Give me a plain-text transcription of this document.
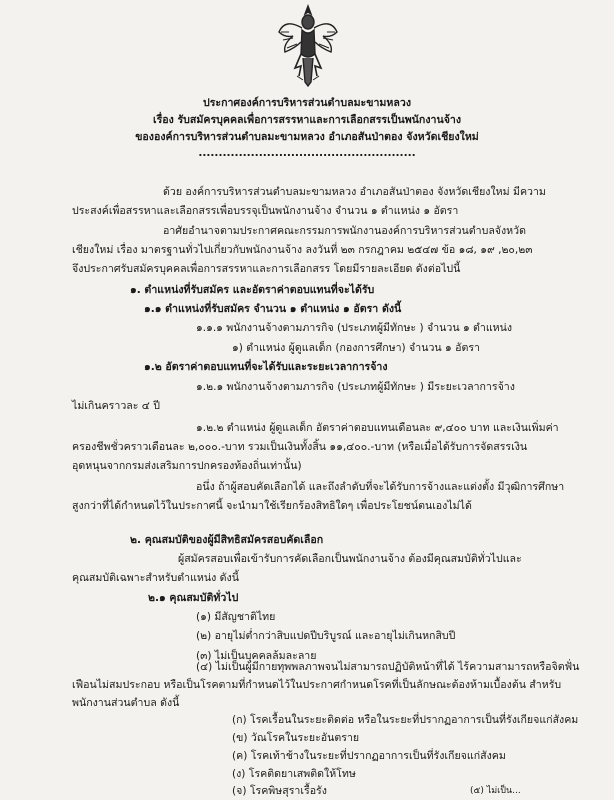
ประกาศองค์การบริหารส่วนตำบลมะขามหลวง
เรื่อง รับสมัครบุคคลเพื่อการสรรหาและการเลือกสรรเป็นพนักงานจ้าง
ขององค์การบริหารส่วนตำบลมะขามหลวง อำเภอสันป่าตอง จังหวัดเชียงใหม่
......................................................
ด้วย องค์การบริหารส่วนตำบลมะขามหลวง อำเภอสันป่าตอง จังหวัดเชียงใหม่ มีความ
ประสงค์เพื่อสรรหาและเลือกสรรเพื่อบรรจุเป็นพนักงานจ้าง จำนวน ๑ ตำแหน่ง ๑ อัตรา
อาศัยอำนาจตามประกาศคณะกรรมการพนักงานองค์การบริหารส่วนตำบลจังหวัด
เชียงใหม่ เรื่อง มาตรฐานทั่วไปเกี่ยวกับพนักงานจ้าง ลงวันที่ ๒๓ กรกฎาคม ๒๕๔๗ ข้อ ๑๘, ๑๙ ,๒๐,๒๓
จึงประกาศรับสมัครบุคคลเพื่อการสรรหาและการเลือกสรร โดยมีรายละเอียด ดังต่อไปนี้
๑. ตำแหน่งที่รับสมัคร และอัตราค่าตอบแทนที่จะได้รับ
๑.๑ ตำแหน่งที่รับสมัคร จำนวน ๑ ตำแหน่ง ๑ อัตรา ดังนี้
๑.๑.๑ พนักงานจ้างตามภารกิจ (ประเภทผู้มีทักษะ ) จำนวน ๑ ตำแหน่ง
๑) ตำแหน่ง ผู้ดูแลเด็ก (กองการศึกษา) จำนวน ๑ อัตรา
๑.๒ อัตราค่าตอบแทนที่จะได้รับและระยะเวลาการจ้าง
๑.๒.๑ พนักงานจ้างตามภารกิจ (ประเภทผู้มีทักษะ ) มีระยะเวลาการจ้าง
ไม่เกินคราวละ ๔ ปี
๑.๒.๒ ตำแหน่ง ผู้ดูแลเด็ก อัตราค่าตอบแทนเดือนละ ๙,๔๐๐ บาท และเงินเพิ่มค่า
ครองชีพชั่วคราวเดือนละ ๒,๐๐๐.-บาท รวมเป็นเงินทั้งสิ้น ๑๑,๔๐๐.-บาท (หรือเมื่อได้รับการจัดสรรเงิน
อุดหนุนจากกรมส่งเสริมการปกครองท้องถิ่นเท่านั้น)
อนึ่ง ถ้าผู้สอบคัดเลือกได้ และถึงลำดับที่จะได้รับการจ้างและแต่งตั้ง มีวุฒิการศึกษา
สูงกว่าที่ได้กำหนดไว้ในประกาศนี้ จะนำมาใช้เรียกร้องสิทธิใดๆ เพื่อประโยชน์ตนเองไม่ได้
๒. คุณสมบัติของผู้มีสิทธิสมัครสอบคัดเลือก
ผู้สมัครสอบเพื่อเข้ารับการคัดเลือกเป็นพนักงานจ้าง ต้องมีคุณสมบัติทั่วไปและ
คุณสมบัติเฉพาะสำหรับตำแหน่ง ดังนี้
๒.๑ คุณสมบัติทั่วไป
(๑) มีสัญชาติไทย
(๒) อายุไม่ต่ำกว่าสิบแปดปีบริบูรณ์ และอายุไม่เกินหกสิบปี
(๓) ไม่เป็นบุคคลล้มละลาย
(๔) ไม่เป็นผู้มีกายทุพพลภาพจนไม่สามารถปฏิบัติหน้าที่ได้ ไร้ความสามารถหรือจิตฟั่น
เฟือนไม่สมประกอบ หรือเป็นโรคตามที่กำหนดไว้ในประกาศกำหนดโรคที่เป็นลักษณะต้องห้ามเบื้องต้น สำหรับ
พนักงานส่วนตำบล ดังนี้
(ก) โรคเรื้อนในระยะติดต่อ หรือในระยะที่ปรากฏอาการเป็นที่รังเกียจแก่สังคม
(ข) วัณโรคในระยะอันตราย
(ค) โรคเท้าช้างในระยะที่ปรากฏอาการเป็นที่รังเกียจแก่สังคม
(ง) โรคติดยาเสพติดให้โทษ
(๕) ไม่เป็น...
(จ) โรคพิษสุราเรื้อรัง
